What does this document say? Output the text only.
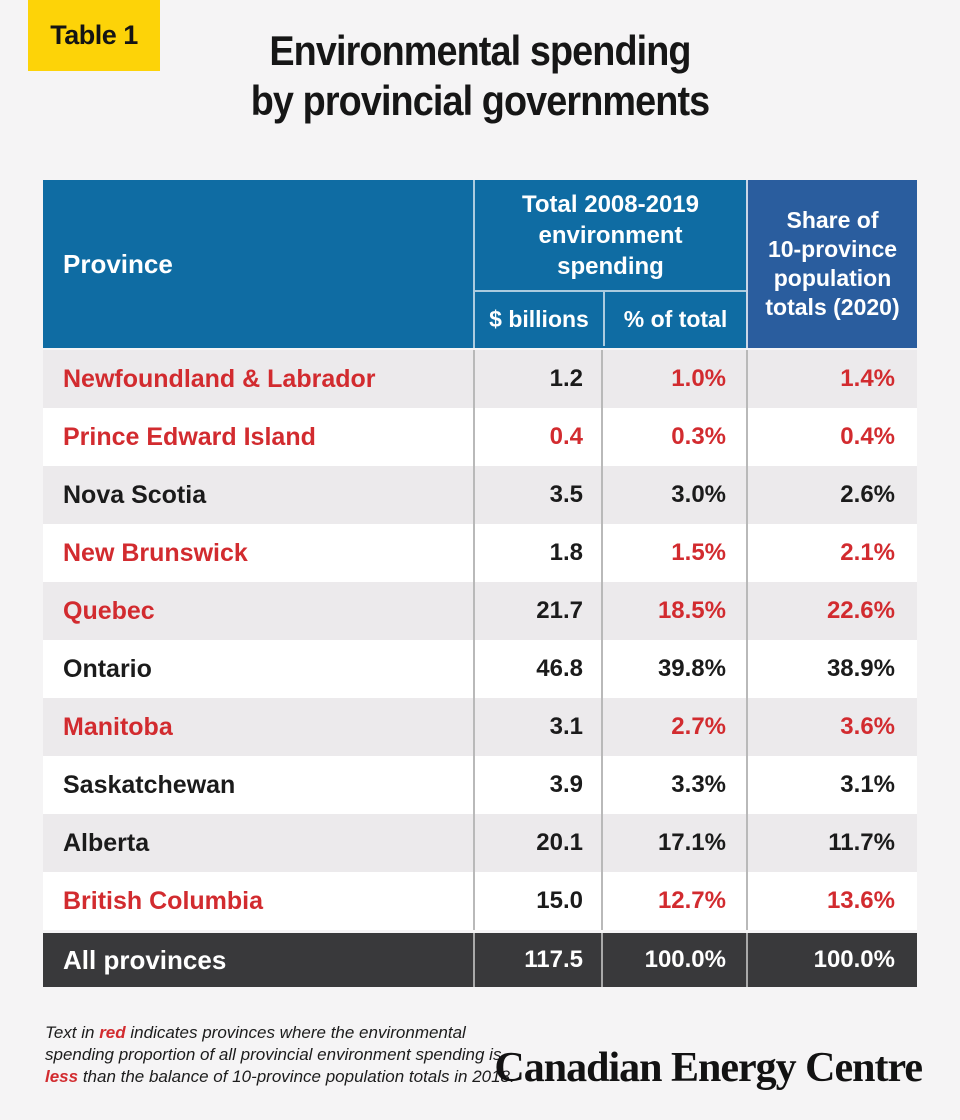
Table 1	Environmental spending
by provincial governments
Province
Total 2008-2019
environment spending
$ billions	% of total
Share of
10-province
population
totals (2020)
Newfoundland & Labrador	1.2	1.0%	1.4%
Prince Edward Island	0.4	0.3%	0.4%
Nova Scotia	3.5	3.0%	2.6%
New Brunswick	1.8	1.5%	2.1%
Quebec	21.7	18.5%	22.6%
Ontario	46.8	39.8%	38.9%
Manitoba	3.1	2.7%	3.6%
Saskatchewan	3.9	3.3%	3.1%
Alberta	20.1	17.1%	11.7%
British Columbia	15.0	12.7%	13.6%
All provinces	117.5	100.0%	100.0%
Text in red indicates provinces where the environmental
spending proportion of all provincial environment spending is
less than the balance of 10-province population totals in 2018.
Canadian Energy Centre
